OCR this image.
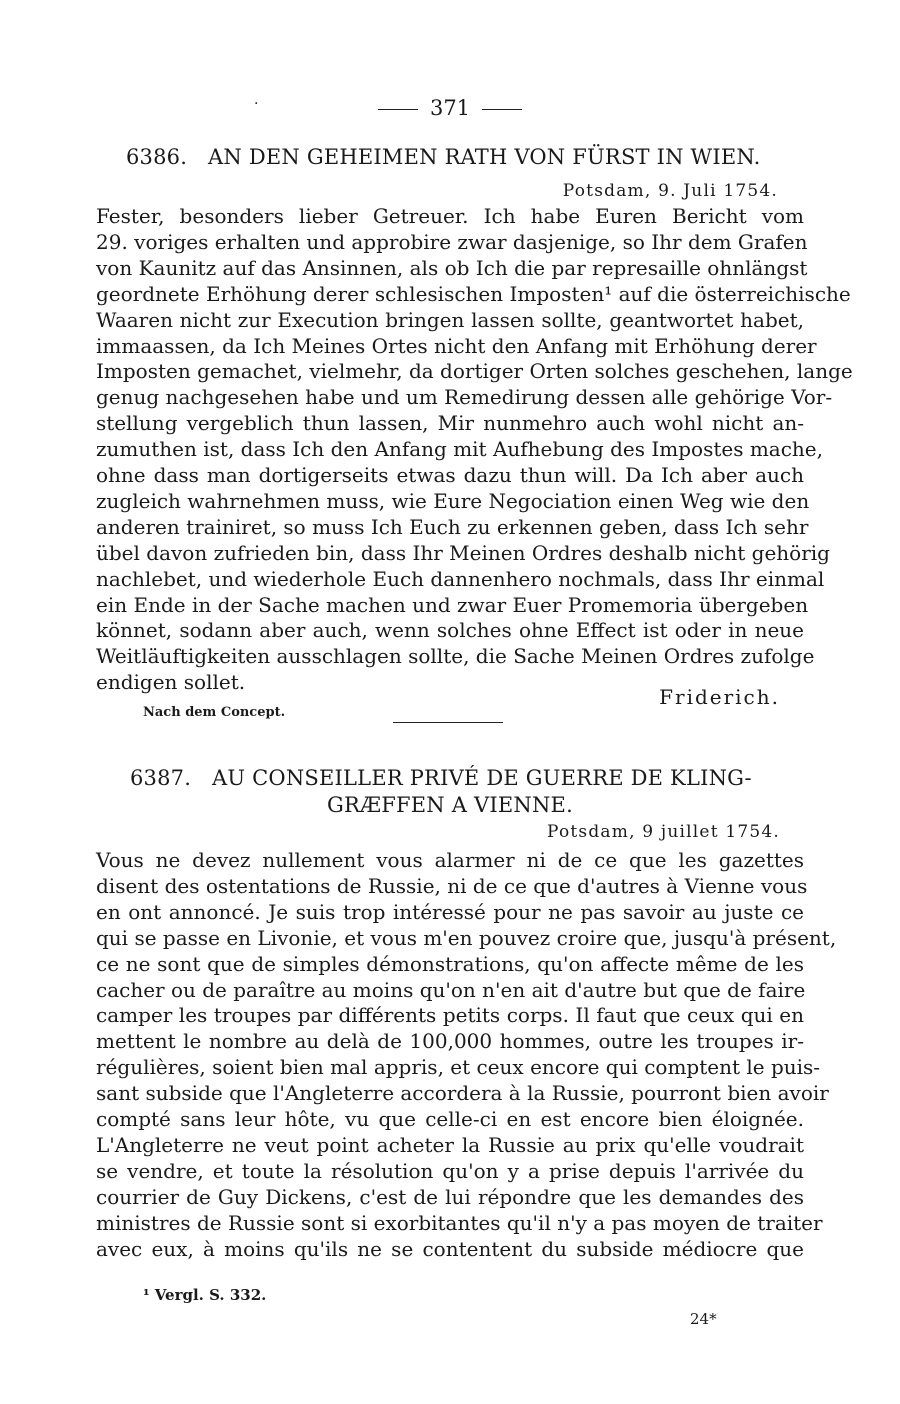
·	371
6386. AN DEN GEHEIMEN RATH VON FÜRST IN WIEN.
Potsdam, 9. Juli 1754.
Fester, besonders lieber Getreuer. Ich habe Euren Bericht vom
29. voriges erhalten und approbire zwar dasjenige, so Ihr dem Grafen
von Kaunitz auf das Ansinnen, als ob Ich die par represaille ohnlängst
geordnete Erhöhung derer schlesischen Imposten¹ auf die österreichische
Waaren nicht zur Execution bringen lassen sollte, geantwortet habet,
immaassen, da Ich Meines Ortes nicht den Anfang mit Erhöhung derer
Imposten gemachet, vielmehr, da dortiger Orten solches geschehen, lange
genug nachgesehen habe und um Remedirung dessen alle gehörige Vor-
stellung vergeblich thun lassen, Mir nunmehro auch wohl nicht an-
zumuthen ist, dass Ich den Anfang mit Aufhebung des Impostes mache,
ohne dass man dortigerseits etwas dazu thun will. Da Ich aber auch
zugleich wahrnehmen muss, wie Eure Negociation einen Weg wie den
anderen trainiret, so muss Ich Euch zu erkennen geben, dass Ich sehr
übel davon zufrieden bin, dass Ihr Meinen Ordres deshalb nicht gehörig
nachlebet, und wiederhole Euch dannenhero nochmals, dass Ihr einmal
ein Ende in der Sache machen und zwar Euer Promemoria übergeben
könnet, sodann aber auch, wenn solches ohne Effect ist oder in neue
Weitläuftigkeiten ausschlagen sollte, die Sache Meinen Ordres zufolge
endigen sollet.
Friderich.
Nach dem Concept.
6387. AU CONSEILLER PRIVÉ DE GUERRE DE KLING-
GRÆFFEN A VIENNE.
Potsdam, 9 juillet 1754.
Vous ne devez nullement vous alarmer ni de ce que les gazettes
disent des ostentations de Russie, ni de ce que d'autres à Vienne vous
en ont annoncé. Je suis trop intéressé pour ne pas savoir au juste ce
qui se passe en Livonie, et vous m'en pouvez croire que, jusqu'à présent,
ce ne sont que de simples démonstrations, qu'on affecte même de les
cacher ou de paraître au moins qu'on n'en ait d'autre but que de faire
camper les troupes par différents petits corps. Il faut que ceux qui en
mettent le nombre au delà de 100,000 hommes, outre les troupes ir-
régulières, soient bien mal appris, et ceux encore qui comptent le puis-
sant subside que l'Angleterre accordera à la Russie, pourront bien avoir
compté sans leur hôte, vu que celle-ci en est encore bien éloignée.
L'Angleterre ne veut point acheter la Russie au prix qu'elle voudrait
se vendre, et toute la résolution qu'on y a prise depuis l'arrivée du
courrier de Guy Dickens, c'est de lui répondre que les demandes des
ministres de Russie sont si exorbitantes qu'il n'y a pas moyen de traiter
avec eux, à moins qu'ils ne se contentent du subside médiocre que
¹ Vergl. S. 332.
24*
